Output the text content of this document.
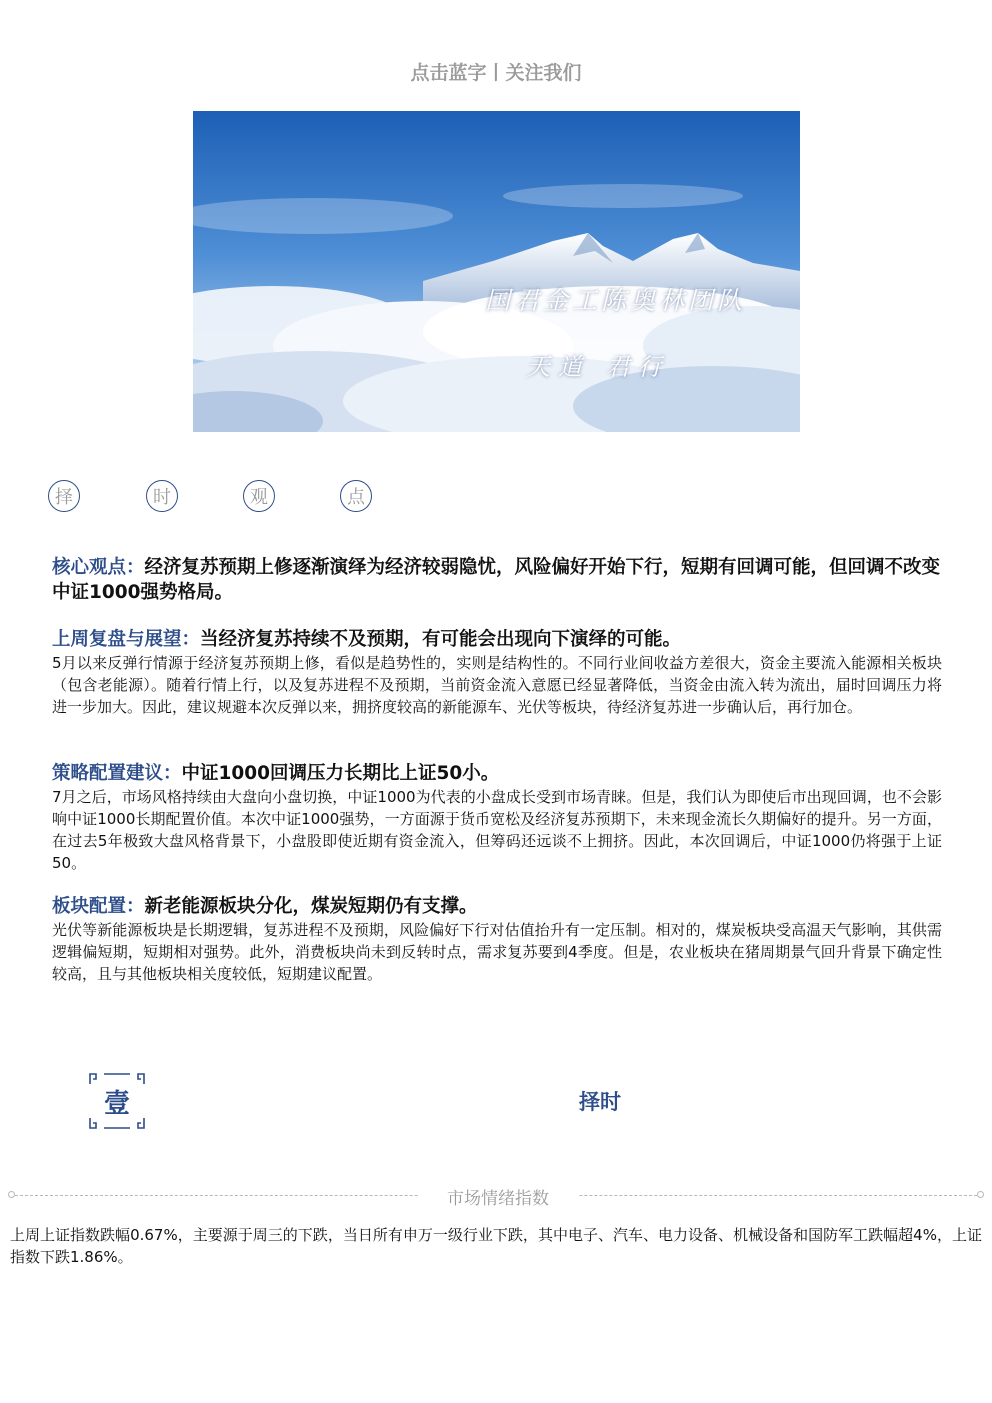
点击蓝字丨关注我们
国君金工陈奥林团队
天道 君行
择	时	观	点
核心观点：经济复苏预期上修逐渐演绎为经济较弱隐忧，风险偏好开始下行，短期有回调可能，但回调不改变中证1000强势格局。
上周复盘与展望：当经济复苏持续不及预期，有可能会出现向下演绎的可能。
5月以来反弹行情源于经济复苏预期上修，看似是趋势性的，实则是结构性的。不同行业间收益方差很大，资金主要流入能源相关板块（包含老能源）。随着行情上行，以及复苏进程不及预期，当前资金流入意愿已经显著降低，当资金由流入转为流出，届时回调压力将进一步加大。因此，建议规避本次反弹以来，拥挤度较高的新能源车、光伏等板块，待经济复苏进一步确认后，再行加仓。
策略配置建议：中证1000回调压力长期比上证50小。
7月之后，市场风格持续由大盘向小盘切换，中证1000为代表的小盘成长受到市场青睐。但是，我们认为即使后市出现回调，也不会影响中证1000长期配置价值。本次中证1000强势，一方面源于货币宽松及经济复苏预期下，未来现金流长久期偏好的提升。另一方面，在过去5年极致大盘风格背景下，小盘股即使近期有资金流入，但筹码还远谈不上拥挤。因此，本次回调后，中证1000仍将强于上证50。
板块配置：新老能源板块分化，煤炭短期仍有支撑。
光伏等新能源板块是长期逻辑，复苏进程不及预期，风险偏好下行对估值抬升有一定压制。相对的，煤炭板块受高温天气影响，其供需逻辑偏短期，短期相对强势。此外，消费板块尚未到反转时点，需求复苏要到4季度。但是，农业板块在猪周期景气回升背景下确定性较高，且与其他板块相关度较低，短期建议配置。
壹	择时
市场情绪指数
上周上证指数跌幅0.67%，主要源于周三的下跌，当日所有申万一级行业下跌，其中电子、汽车、电力设备、机械设备和国防军工跌幅超4%，上证指数下跌1.86%。
